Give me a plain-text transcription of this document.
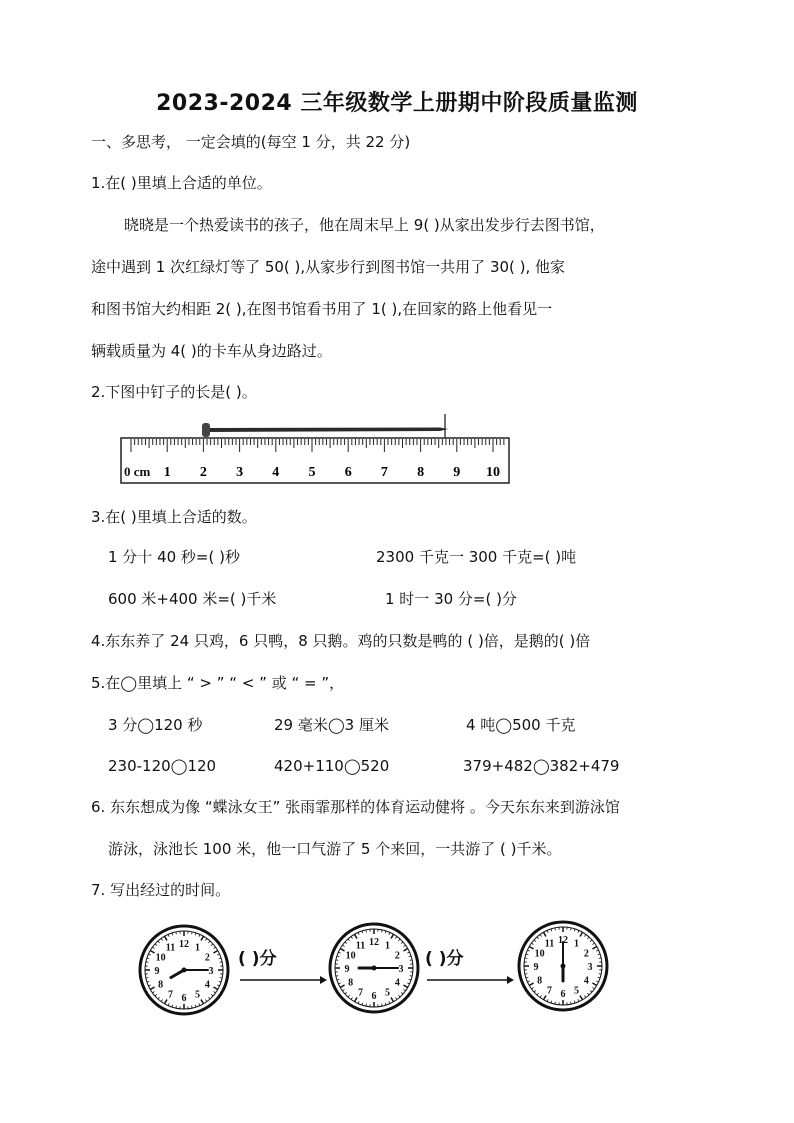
2023-2024 三年级数学上册期中阶段质量监测
一、多思考， 一定会填的(每空 1 分，共 22 分)
1.在( )里填上合适的单位。
晓晓是一个热爱读书的孩子，他在周末早上 9( )从家出发步行去图书馆，
途中遇到 1 次红绿灯等了 50( ),从家步行到图书馆一共用了 30( ), 他家
和图书馆大约相距 2( ),在图书馆看书用了 1( ),在回家的路上他看见一
辆载质量为 4( )的卡车从身边路过。
2.下图中钉子的长是( )。
0 cm 1 2 3 4 5 6 7 8 9 10
3.在( )里填上合适的数。
1 分十 40 秒=( )秒	2300 千克一 300 千克=( )吨
600 米+400 米=( )千米	1 时一 30 分=( )分
4.东东养了 24 只鸡，6 只鸭，8 只鹅。鸡的只数是鸭的 ( )倍，是鹅的( )倍
5.在◯里填上 “ > ” “ < ” 或 “ = ”，
3 分◯120 秒	29 毫米◯3 厘米	4 吨◯500 千克
230-120◯120	420+110◯520	379+482◯382+479
6. 东东想成为像 “蝶泳女王” 张雨霏那样的体育运动健将 。今天东东来到游泳馆
游泳，泳池长 100 米，他一口气游了 5 个来回，一共游了 ( )千米。
7. 写出经过的时间。
12 1
2
3
4
5
6
7
8
9
10
11
12 1
2
3
4
5
6
7
8
9
10
11
12 1
2
3
4
5
6
7
8
9
10
11
( )分	( )分
